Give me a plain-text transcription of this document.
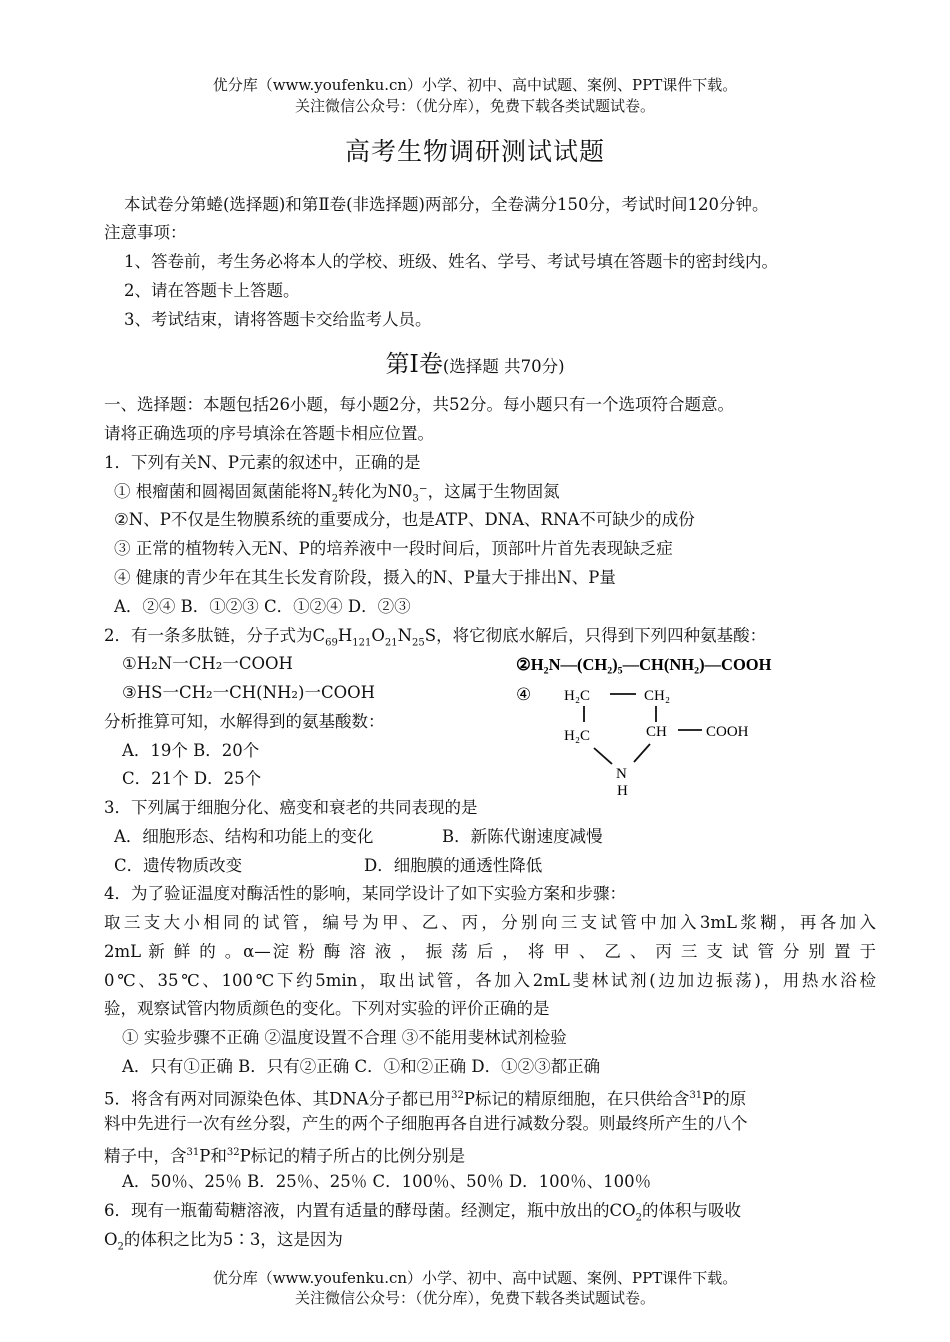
优分库（www.youfenku.cn）小学、初中、高中试题、案例、PPT课件下载。
关注微信公众号：（优分库），免费下载各类试题试卷。
高考生物调研测试试题
本试卷分第蜷(选择题)和第Ⅱ卷(非选择题)两部分，全卷满分150分，考试时间120分钟。
注意事项：
1、答卷前，考生务必将本人的学校、班级、姓名、学号、考试号填在答题卡的密封线内。
2、请在答题卡上答题。
3、考试结束，请将答题卡交给监考人员。
第Ⅰ卷(选择题 共70分)
一、选择题：本题包括26小题，每小题2分，共52分。每小题只有一个选项符合题意。
请将正确选项的序号填涂在答题卡相应位置。
1．下列有关N、P元素的叙述中，正确的是
① 根瘤菌和圆褐固氮菌能将$N_2$转化为$N0_3^-$，这属于生物固氮
②N、P不仅是生物膜系统的重要成分，也是ATP、DNA、RNA不可缺少的成份
③ 正常的植物转入无N、P的培养液中一段时间后，顶部叶片首先表现缺乏症
④ 健康的青少年在其生长发育阶段，摄入的N、P量大于排出N、P量
A．②④ B．①②③ C．①②④ D．②③
2．有一条多肽链，分子式为$C_{69}H_{121}O_{21}N_{25}S$，将它彻底水解后，只得到下列四种氨基酸：
①H₂N一CH₂一COOH
③HS一CH₂一CH(NH₂)一COOH
分析推算可知，水解得到的氨基酸数：
A．19个 B．20个
C．21个 D．25个
②H₂N—(CH₂)₅—CH(NH₂)—COOH
④ H₂C	CH₂
H₂C	CH	COOH
N
H
3．下列属于细胞分化、癌变和衰老的共同表现的是
A．细胞形态、结构和功能上的变化	B．新陈代谢速度减慢
C．遗传物质改变	D．细胞膜的通透性降低
4．为了验证温度对酶活性的影响，某同学设计了如下实验方案和步骤：
取三支大小相同的试管，编号为甲、乙、丙，分别向三支试管中加入3mL浆糊，再各加入
2mL 新 鲜 的 。α—淀 粉 酶 溶 液 ， 振 荡 后 ， 将 甲 、 乙 、 丙 三 支 试 管 分 别 置 于
0℃、35℃、100℃下约5min，取出试管，各加入2mL斐林试剂(边加边振荡)，用热水浴检
验，观察试管内物质颜色的变化。下列对实验的评价正确的是
① 实验步骤不正确 ②温度设置不合理 ③不能用斐林试剂检验
A．只有①正确 B．只有②正确 C．①和②正确 D．①②③都正确
5．将含有两对同源染色体、其DNA分子都已用$^{32}$P标记的精原细胞，在只供给含$^{31}$P的原
料中先进行一次有丝分裂，产生的两个子细胞再各自进行减数分裂。则最终所产生的八个
精子中，含$^{31}$P和$^{32}$P标记的精子所占的比例分别是
A．50％、25％ B．25％、25％ C．100％、50％ D．100％、100％
6．现有一瓶葡萄糖溶液，内置有适量的酵母菌。经测定，瓶中放出的$CO_2$的体积与吸收
$O_2$的体积之比为5∶3，这是因为
优分库（www.youfenku.cn）小学、初中、高中试题、案例、PPT课件下载。
关注微信公众号：（优分库），免费下载各类试题试卷。
